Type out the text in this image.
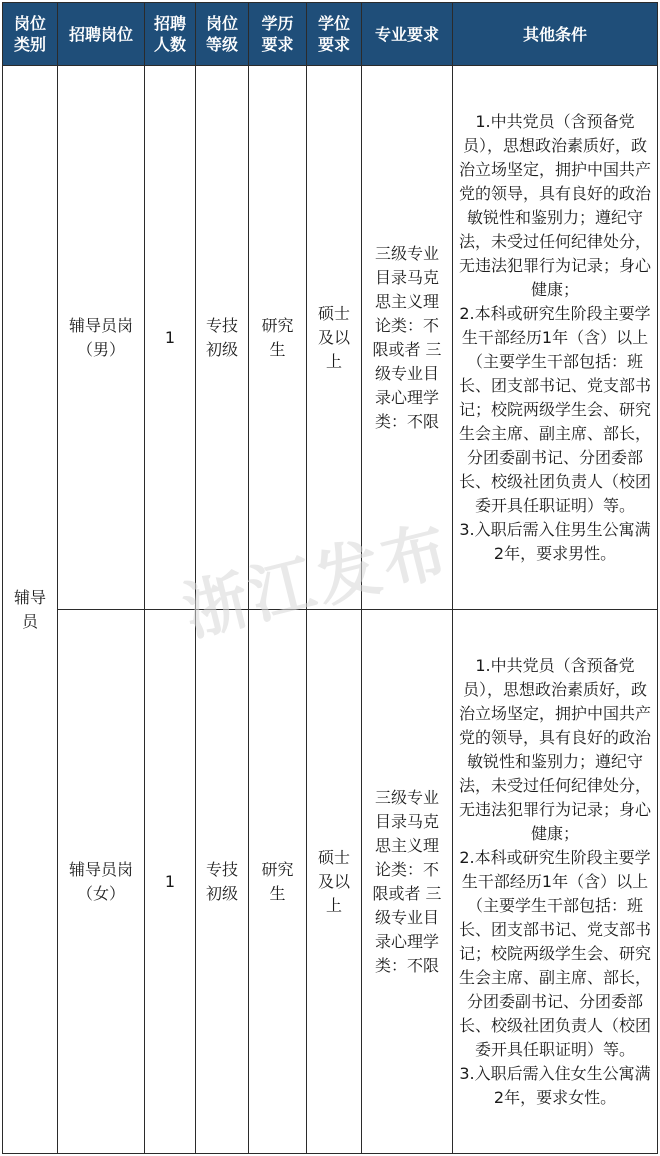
岗位类别	招聘岗位	招聘人数	岗位等级	学历要求	学位要求	专业要求	其他条件
辅导员	辅导员岗（男）	1	专技初级	研究生	硕士及以上	三级专业目录马克思主义理论类：不限或者 三级专业目录心理学类：不限	1.中共党员（含预备党员），思想政治素质好，政治立场坚定，拥护中国共产党的领导，具有良好的政治敏锐性和鉴别力；遵纪守法，未受过任何纪律处分，无违法犯罪行为记录；身心健康；
2.本科或研究生阶段主要学生干部经历1年（含）以上（主要学生干部包括：班长、团支部书记、党支部书记；校院两级学生会、研究生会主席、副主席、部长，分团委副书记、分团委部长、校级社团负责人（校团委开具任职证明）等。
3.入职后需入住男生公寓满2年，要求男性。

	辅导员岗（女）	1	专技初级	研究生	硕士及以上	三级专业目录马克思主义理论类：不限或者 三级专业目录心理学类：不限	1.中共党员（含预备党员），思想政治素质好，政治立场坚定，拥护中国共产党的领导，具有良好的政治敏锐性和鉴别力；遵纪守法，未受过任何纪律处分，无违法犯罪行为记录；身心健康；
2.本科或研究生阶段主要学生干部经历1年（含）以上（主要学生干部包括：班长、团支部书记、党支部书记；校院两级学生会、研究生会主席、副主席、部长，分团委副书记、分团委部长、校级社团负责人（校团委开具任职证明）等。
3.入职后需入住女生公寓满2年，要求女性。
浙江发布
